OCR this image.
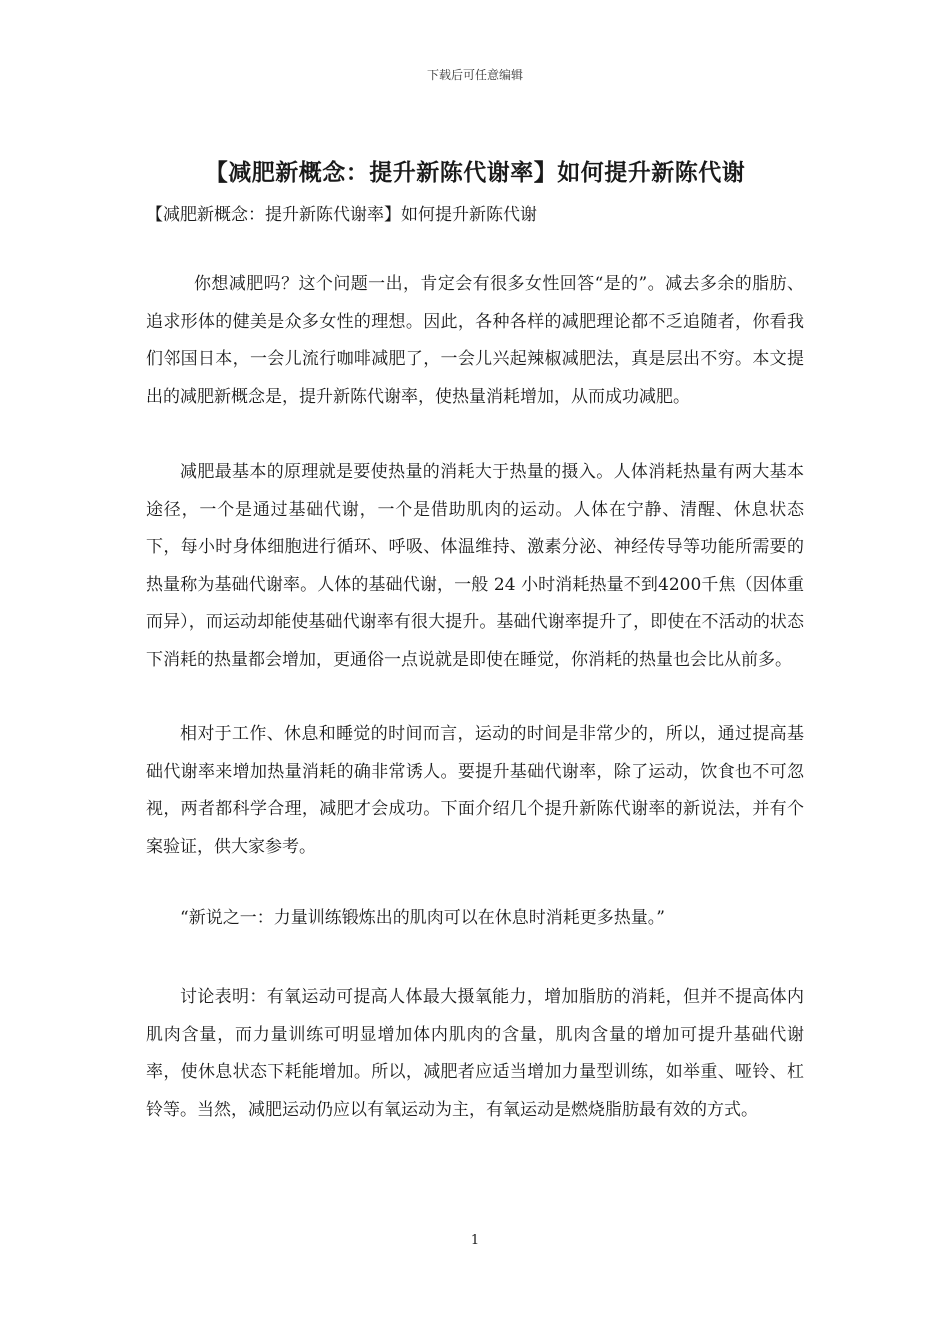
下载后可任意编辑
【减肥新概念：提升新陈代谢率】如何提升新陈代谢
【减肥新概念：提升新陈代谢率】如何提升新陈代谢

你想减肥吗？这个问题一出，肯定会有很多女性回答“是的”。减去多余的脂肪、追求形体的健美是众多女性的理想。因此，各种各样的减肥理论都不乏追随者，你看我们邻国日本，一会儿流行咖啡减肥了，一会儿兴起辣椒减肥法，真是层出不穷。本文提出的减肥新概念是，提升新陈代谢率，使热量消耗增加，从而成功减肥。

减肥最基本的原理就是要使热量的消耗大于热量的摄入。人体消耗热量有两大基本途径，一个是通过基础代谢，一个是借助肌肉的运动。人体在宁静、清醒、休息状态下，每小时身体细胞进行循环、呼吸、体温维持、激素分泌、神经传导等功能所需要的热量称为基础代谢率。人体的基础代谢，一般 24 小时消耗热量不到4200千焦（因体重而异），而运动却能使基础代谢率有很大提升。基础代谢率提升了，即使在不活动的状态下消耗的热量都会增加，更通俗一点说就是即使在睡觉，你消耗的热量也会比从前多。

相对于工作、休息和睡觉的时间而言，运动的时间是非常少的，所以，通过提高基础代谢率来增加热量消耗的确非常诱人。要提升基础代谢率，除了运动，饮食也不可忽视，两者都科学合理，减肥才会成功。下面介绍几个提升新陈代谢率的新说法，并有个案验证，供大家参考。

“新说之一：力量训练锻炼出的肌肉可以在休息时消耗更多热量。”

讨论表明：有氧运动可提高人体最大摄氧能力，增加脂肪的消耗，但并不提高体内肌肉含量，而力量训练可明显增加体内肌肉的含量，肌肉含量的增加可提升基础代谢率，使休息状态下耗能增加。所以，减肥者应适当增加力量型训练，如举重、哑铃、杠铃等。当然，减肥运动仍应以有氧运动为主，有氧运动是燃烧脂肪最有效的方式。

1
